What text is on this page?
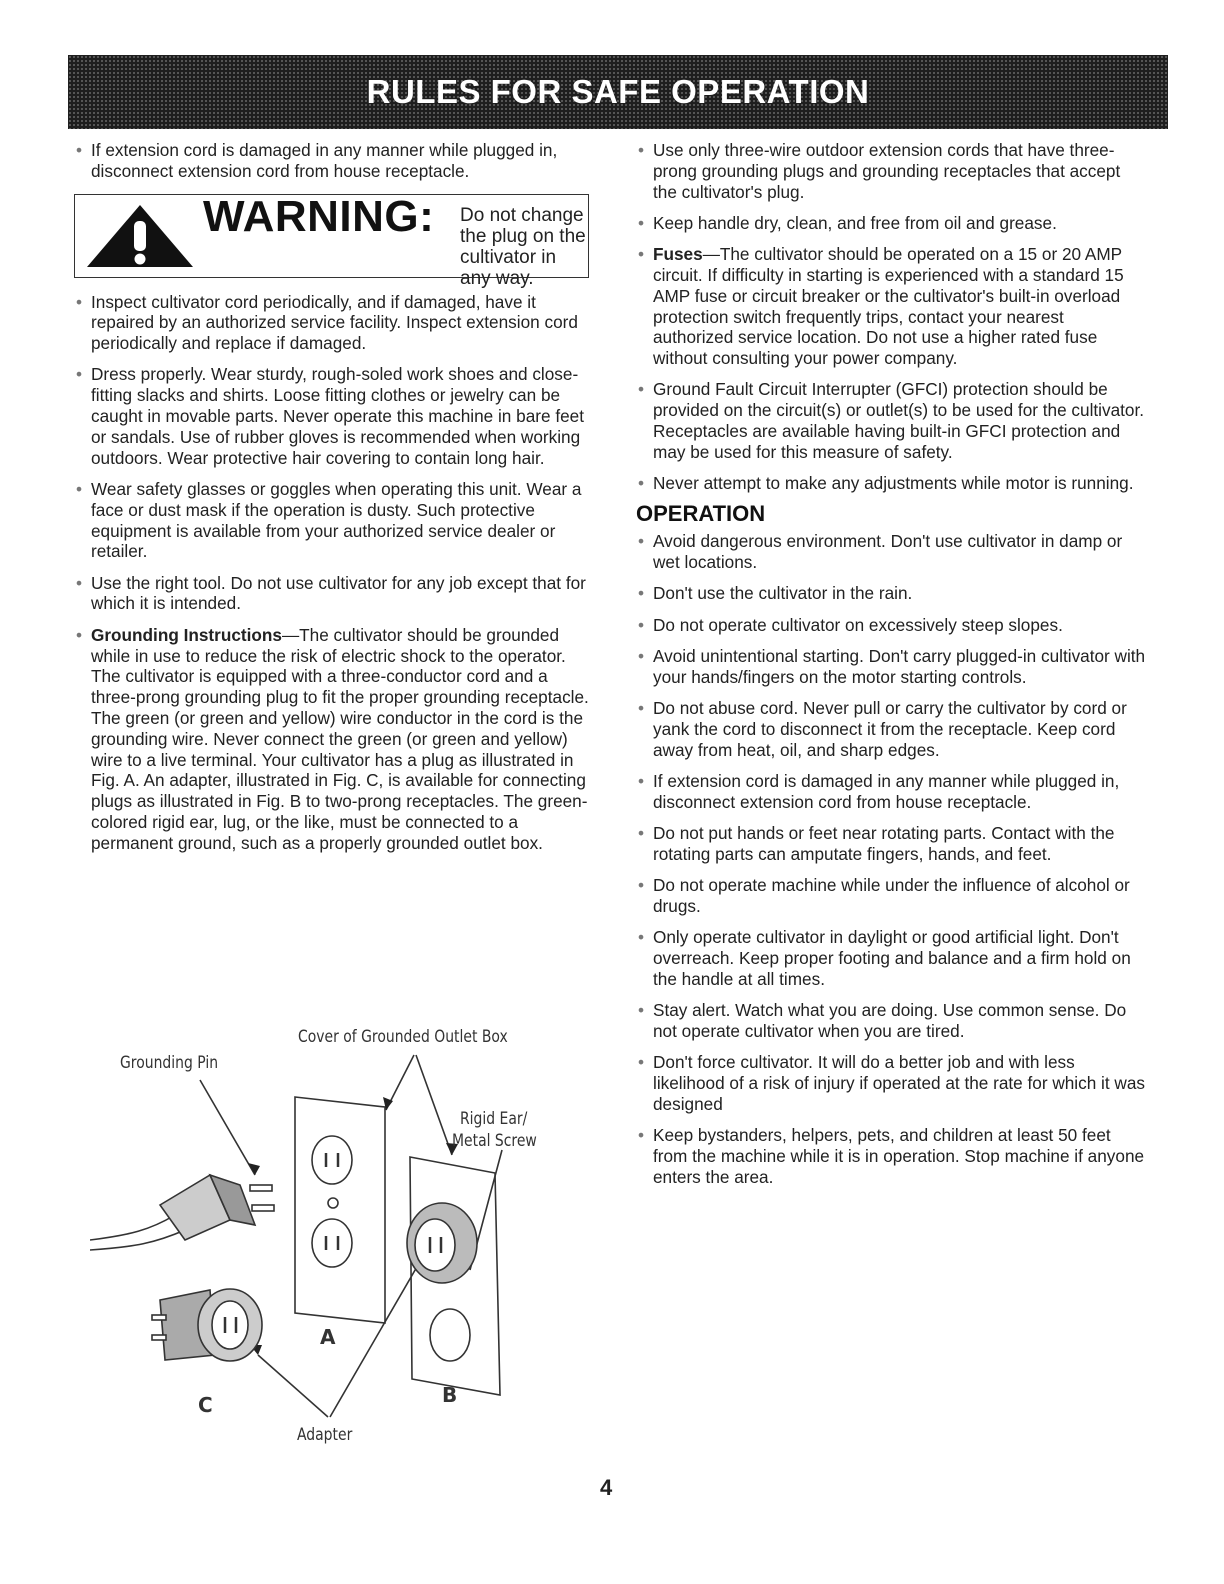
RULES FOR SAFE OPERATION
• If extension cord is damaged in any manner while plugged in, disconnect extension cord from house receptacle.
WARNING: Do not change the plug on the cultivator in any way.
• Inspect cultivator cord periodically, and if damaged, have it repaired by an authorized service facility. Inspect extension cord periodically and replace if damaged.
• Dress properly. Wear sturdy, rough-soled work shoes and close-fitting slacks and shirts. Loose fitting clothes or jewelry can be caught in movable parts. Never operate this machine in bare feet or sandals. Use of rubber gloves is recommended when working outdoors. Wear protective hair covering to contain long hair.
• Wear safety glasses or goggles when operating this unit. Wear a face or dust mask if the operation is dusty. Such protective equipment is available from your authorized service dealer or retailer.
• Use the right tool. Do not use cultivator for any job except that for which it is intended.
• Grounding Instructions—The cultivator should be grounded while in use to reduce the risk of electric shock to the operator. The cultivator is equipped with a three-conductor cord and a three-prong grounding plug to fit the proper grounding receptacle. The green (or green and yellow) wire conductor in the cord is the grounding wire. Never connect the green (or green and yellow) wire to a live terminal. Your cultivator has a plug as illustrated in Fig. A. An adapter, illustrated in Fig. C, is available for connecting plugs as illustrated in Fig. B to two-prong receptacles. The green-colored rigid ear, lug, or the like, must be connected to a permanent ground, such as a properly grounded outlet box.
Cover of Grounded Outlet Box
Grounding Pin
Rigid Ear/
Metal Screw
A
B
C
Adapter
• Use only three-wire outdoor extension cords that have three-prong grounding plugs and grounding receptacles that accept the cultivator's plug.
• Keep handle dry, clean, and free from oil and grease.
• Fuses—The cultivator should be operated on a 15 or 20 AMP circuit. If difficulty in starting is experienced with a standard 15 AMP fuse or circuit breaker or the cultivator's built-in overload protection switch frequently trips, contact your nearest authorized service location. Do not use a higher rated fuse without consulting your power company.
• Ground Fault Circuit Interrupter (GFCI) protection should be provided on the circuit(s) or outlet(s) to be used for the cultivator. Receptacles are available having built-in GFCI protection and may be used for this measure of safety.
• Never attempt to make any adjustments while motor is running.
OPERATION
• Avoid dangerous environment. Don't use cultivator in damp or wet locations.
• Don't use the cultivator in the rain.
• Do not operate cultivator on excessively steep slopes.
• Avoid unintentional starting. Don't carry plugged-in cultivator with your hands/fingers on the motor starting controls.
• Do not abuse cord. Never pull or carry the cultivator by cord or yank the cord to disconnect it from the receptacle. Keep cord away from heat, oil, and sharp edges.
• If extension cord is damaged in any manner while plugged in, disconnect extension cord from house receptacle.
• Do not put hands or feet near rotating parts. Contact with the rotating parts can amputate fingers, hands, and feet.
• Do not operate machine while under the influence of alcohol or drugs.
• Only operate cultivator in daylight or good artificial light. Don't overreach. Keep proper footing and balance and a firm hold on the handle at all times.
• Stay alert. Watch what you are doing. Use common sense. Do not operate cultivator when you are tired.
• Don't force cultivator. It will do a better job and with less likelihood of a risk of injury if operated at the rate for which it was designed
• Keep bystanders, helpers, pets, and children at least 50 feet from the machine while it is in operation. Stop machine if anyone enters the area.
4
